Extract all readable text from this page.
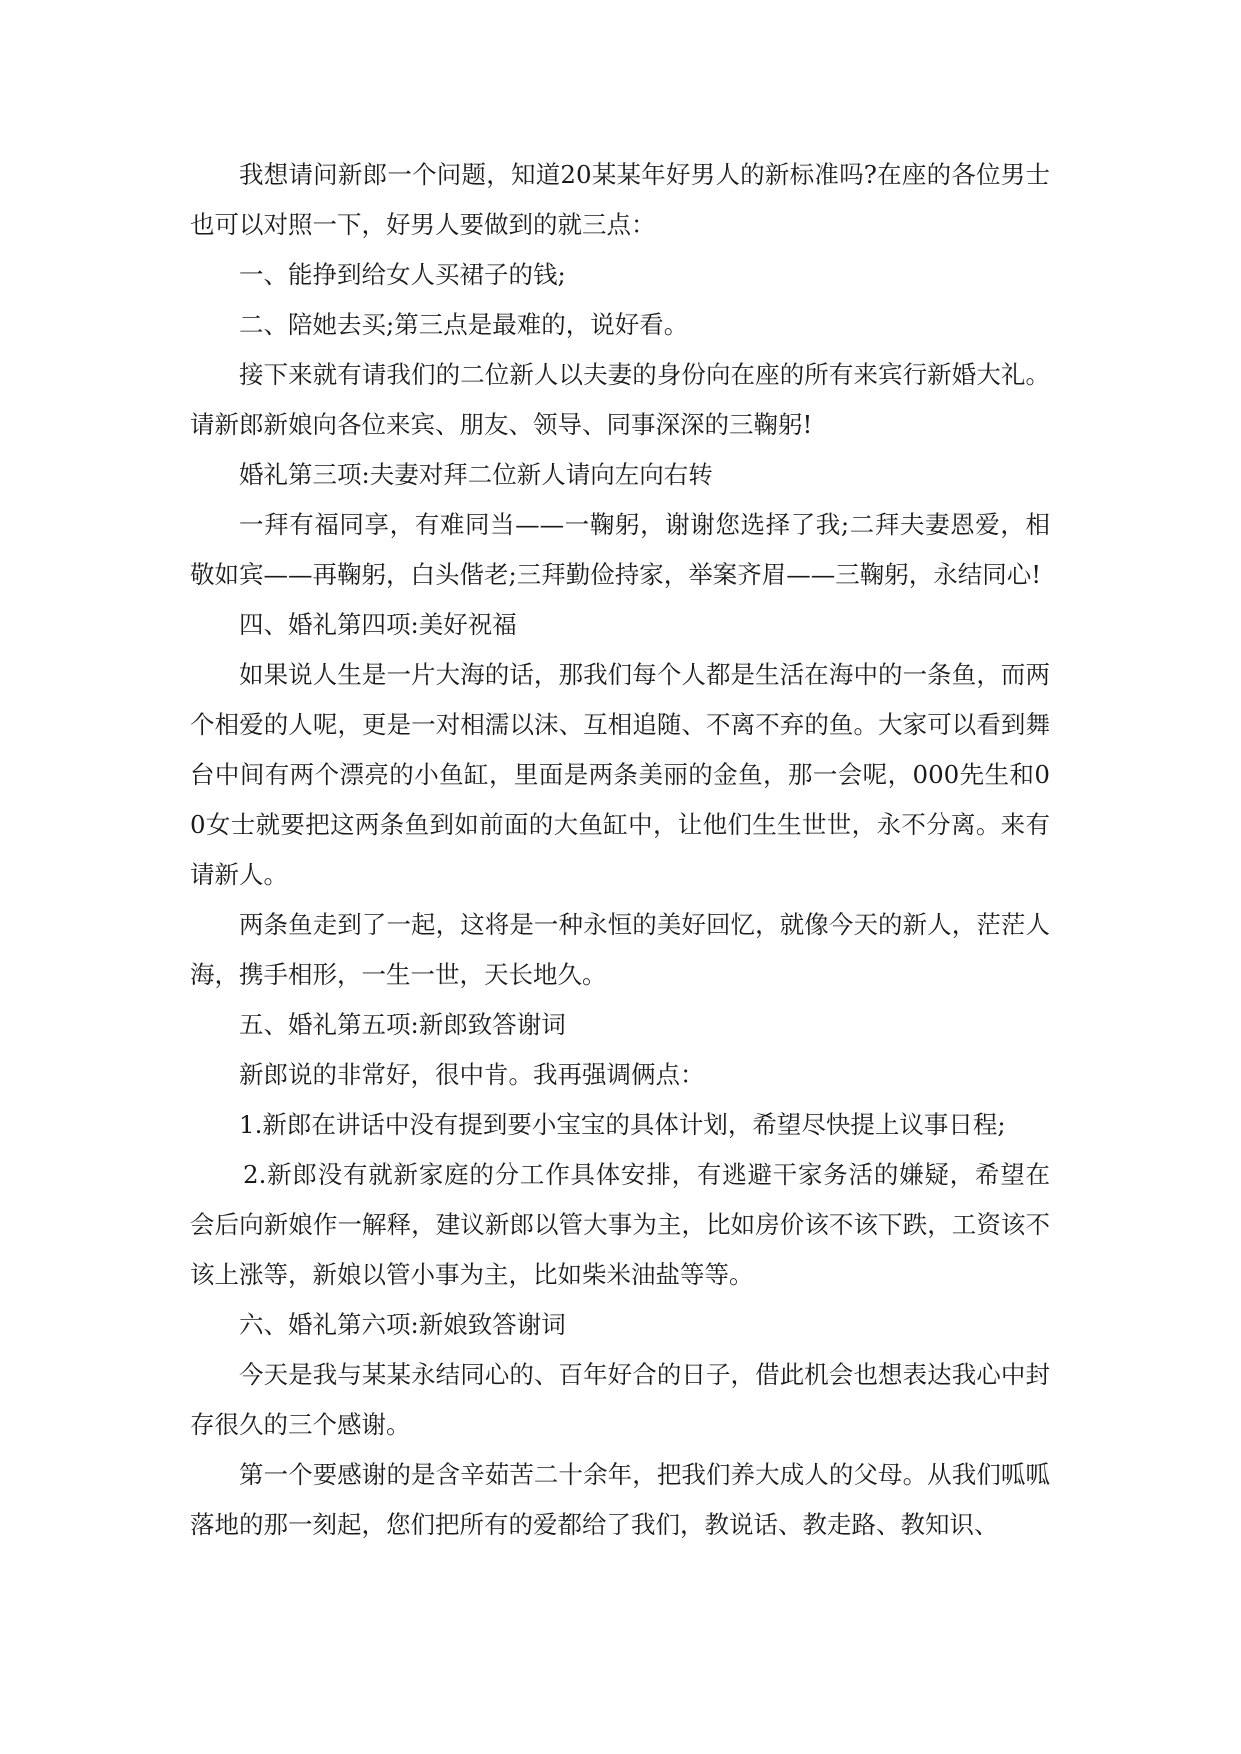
我想请问新郎一个问题，知道20某某年好男人的新标准吗?在座的各位男士也可以对照一下，好男人要做到的就三点：

一、能挣到给女人买裙子的钱;

二、陪她去买;第三点是最难的，说好看。

接下来就有请我们的二位新人以夫妻的身份向在座的所有来宾行新婚大礼。请新郎新娘向各位来宾、朋友、领导、同事深深的三鞠躬!

婚礼第三项:夫妻对拜二位新人请向左向右转

一拜有福同享，有难同当——一鞠躬，谢谢您选择了我;二拜夫妻恩爱，相敬如宾——再鞠躬，白头偕老;三拜勤俭持家，举案齐眉——三鞠躬，永结同心!

四、婚礼第四项:美好祝福

如果说人生是一片大海的话，那我们每个人都是生活在海中的一条鱼，而两个相爱的人呢，更是一对相濡以沫、互相追随、不离不弃的鱼。大家可以看到舞台中间有两个漂亮的小鱼缸，里面是两条美丽的金鱼，那一会呢，000先生和00女士就要把这两条鱼到如前面的大鱼缸中，让他们生生世世，永不分离。来有请新人。

两条鱼走到了一起，这将是一种永恒的美好回忆，就像今天的新人，茫茫人海，携手相形，一生一世，天长地久。

五、婚礼第五项:新郎致答谢词

新郎说的非常好，很中肯。我再强调俩点：

1.新郎在讲话中没有提到要小宝宝的具体计划，希望尽快提上议事日程;

2.新郎没有就新家庭的分工作具体安排，有逃避干家务活的嫌疑，希望在会后向新娘作一解释，建议新郎以管大事为主，比如房价该不该下跌，工资该不该上涨等，新娘以管小事为主，比如柴米油盐等等。

六、婚礼第六项:新娘致答谢词

今天是我与某某永结同心的、百年好合的日子，借此机会也想表达我心中封存很久的三个感谢。

第一个要感谢的是含辛茹苦二十余年，把我们养大成人的父母。从我们呱呱落地的那一刻起，您们把所有的爱都给了我们，教说话、教走路、教知识、
